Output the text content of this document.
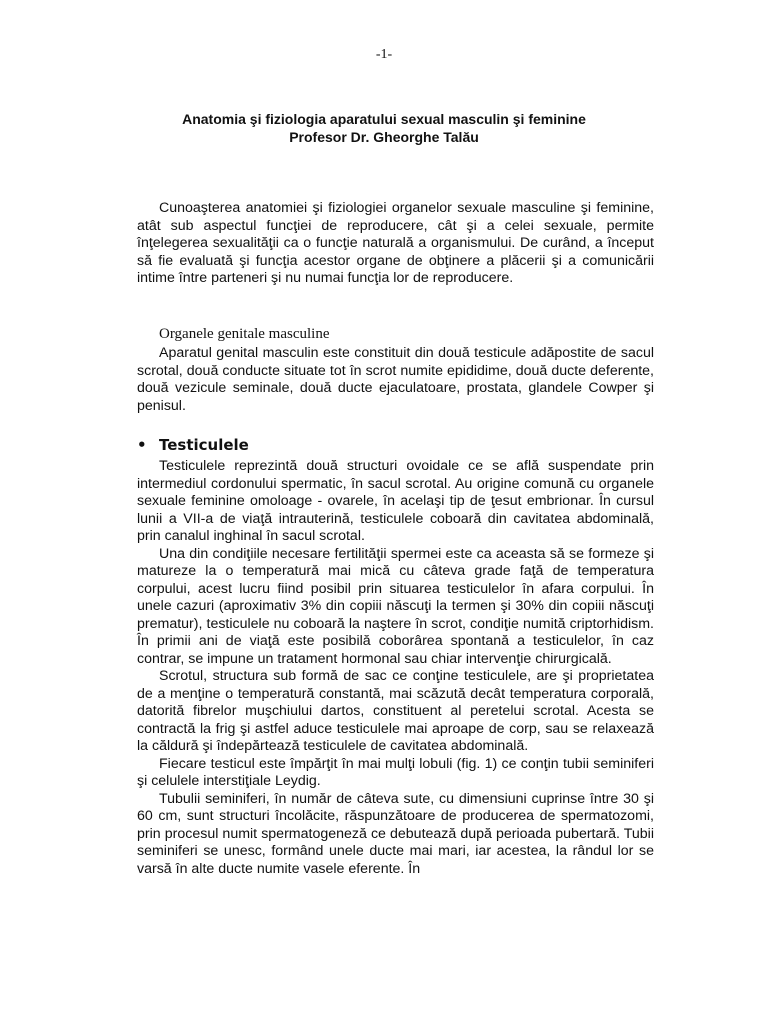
-1-
Anatomia şi fiziologia aparatului sexual masculin şi feminine
Profesor Dr. Gheorghe Talău

Cunoaşterea anatomiei şi fiziologiei organelor sexuale masculine şi feminine, atât sub aspectul funcţiei de reproducere, cât şi a celei sexuale, permite înţelegerea sexualităţii ca o funcţie naturală a organismului. De curând, a început să fie evaluată şi funcţia acestor organe de obţinere a plăcerii şi a comunicării intime între parteneri şi nu numai funcţia lor de reproducere.

Organele genitale masculine

Aparatul genital masculin este constituit din două testicule adăpostite de sacul scrotal, două conducte situate tot în scrot numite epididime, două ducte deferente, două vezicule seminale, două ducte ejaculatoare, prostata, glandele Cowper şi penisul.

• Testiculele

Testiculele reprezintă două structuri ovoidale ce se află suspendate prin intermediul cordonului spermatic, în sacul scrotal. Au origine comună cu organele sexuale feminine omoloage - ovarele, în acelaşi tip de ţesut embrionar. În cursul lunii a VII-a de viaţă intrauterină, testiculele coboară din cavitatea abdominală, prin canalul inghinal în sacul scrotal.

Una din condiţiile necesare fertilităţii spermei este ca aceasta să se formeze şi matureze la o temperatură mai mică cu câteva grade faţă de temperatura corpului, acest lucru fiind posibil prin situarea testiculelor în afara corpului. În unele cazuri (aproximativ 3% din copiii născuţi la termen şi 30% din copiii născuţi prematur), testiculele nu coboară la naştere în scrot, condiţie numită criptorhidism. În primii ani de viaţă este posibilă coborârea spontană a testiculelor, în caz contrar, se impune un tratament hormonal sau chiar intervenţie chirurgicală.

Scrotul, structura sub formă de sac ce conţine testiculele, are şi proprietatea de a menţine o temperatură constantă, mai scăzută decât temperatura corporală, datorită fibrelor muşchiului dartos, constituent al peretelui scrotal. Acesta se contractă la frig şi astfel aduce testiculele mai aproape de corp, sau se relaxează la căldură şi îndepărtează testiculele de cavitatea abdominală.

Fiecare testicul este împărţit în mai mulţi lobuli (fig. 1) ce conţin tubii seminiferi şi celulele interstiţiale Leydig.

Tubulii seminiferi, în număr de câteva sute, cu dimensiuni cuprinse între 30 şi 60 cm, sunt structuri încolăcite, răspunzătoare de producerea de spermatozomi, prin procesul numit spermatogeneză ce debutează după perioada pubertară. Tubii seminiferi se unesc, formând unele ducte mai mari, iar acestea, la rândul lor se varsă în alte ducte numite vasele eferente. În
